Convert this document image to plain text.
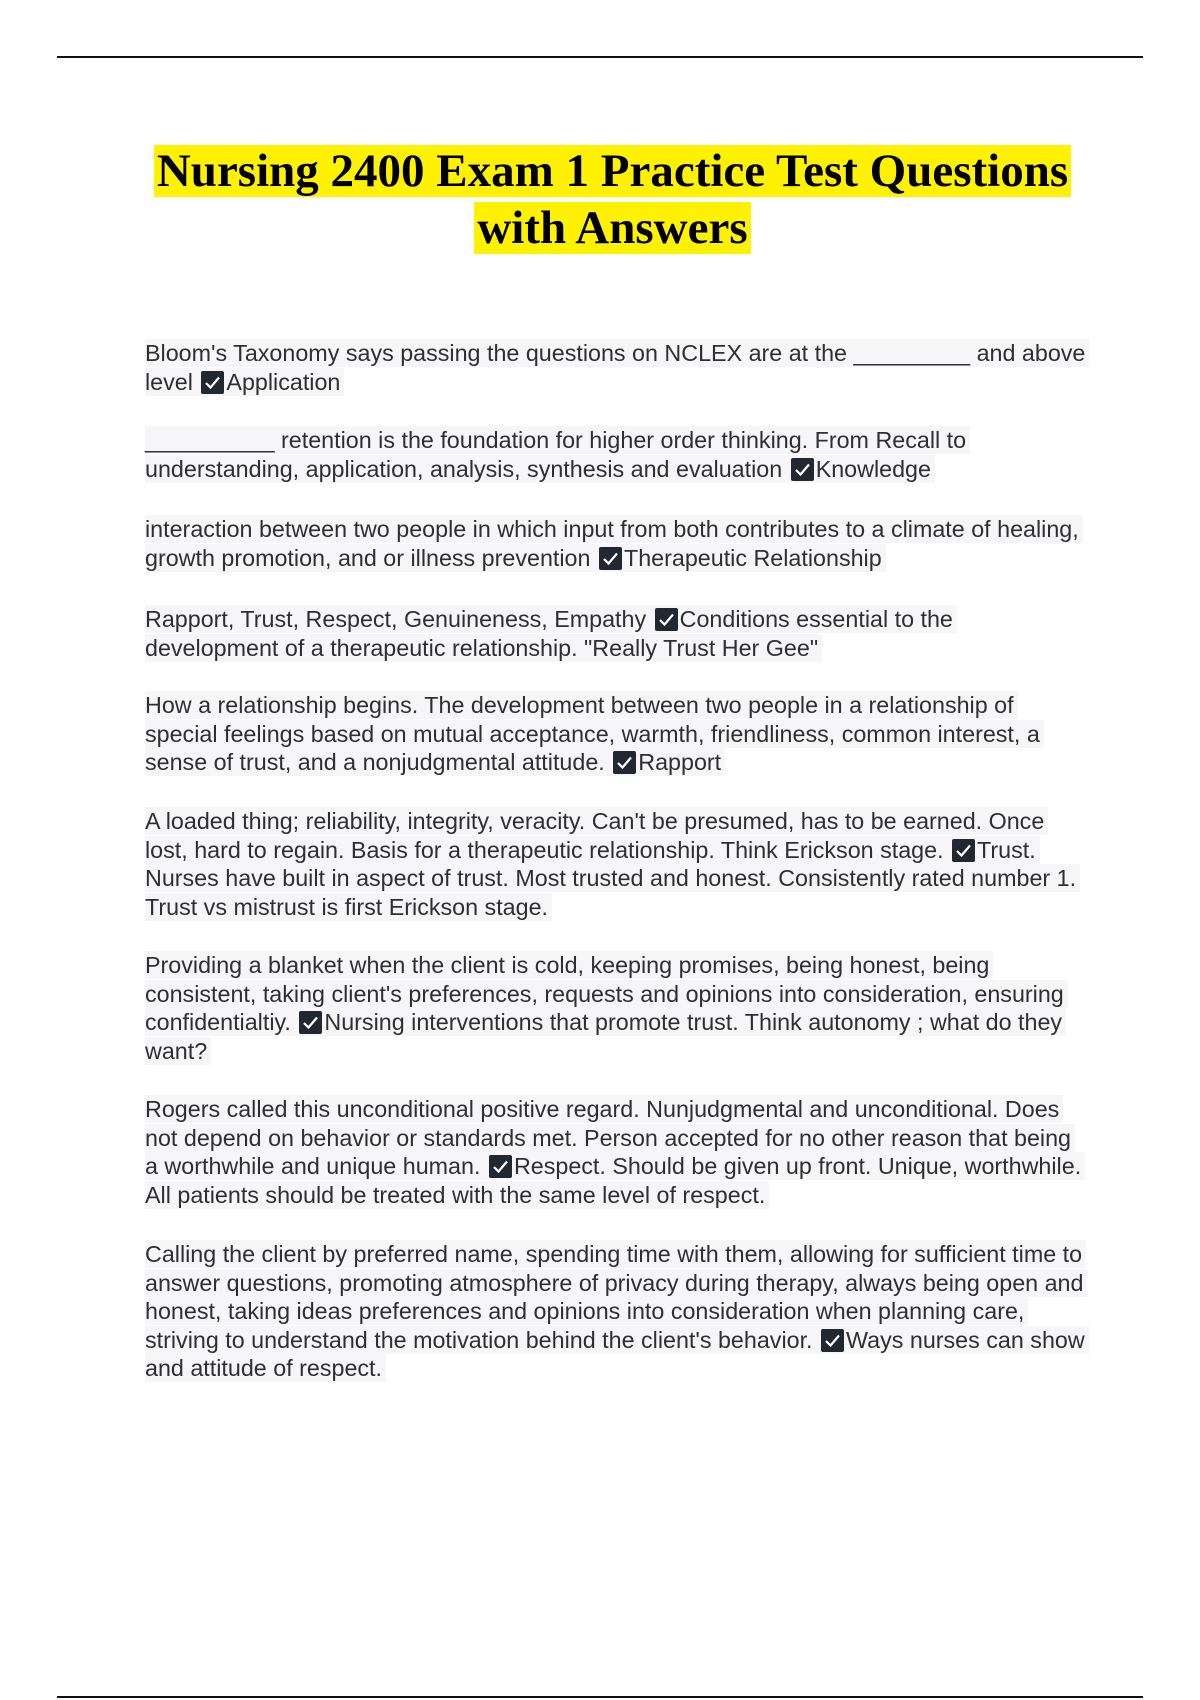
Nursing 2400 Exam 1 Practice Test Questions
with Answers
Bloom's Taxonomy says passing the questions on NCLEX are at the _________ and above level Application
__________ retention is the foundation for higher order thinking. From Recall to understanding, application, analysis, synthesis and evaluation Knowledge
interaction between two people in which input from both contributes to a climate of healing, growth promotion, and or illness prevention Therapeutic Relationship
Rapport, Trust, Respect, Genuineness, Empathy Conditions essential to the development of a therapeutic relationship. "Really Trust Her Gee"
How a relationship begins. The development between two people in a relationship of special feelings based on mutual acceptance, warmth, friendliness, common interest, a sense of trust, and a nonjudgmental attitude. Rapport
A loaded thing; reliability, integrity, veracity. Can't be presumed, has to be earned. Once lost, hard to regain. Basis for a therapeutic relationship. Think Erickson stage. Trust. Nurses have built in aspect of trust. Most trusted and honest. Consistently rated number 1. Trust vs mistrust is first Erickson stage.
Providing a blanket when the client is cold, keeping promises, being honest, being consistent, taking client's preferences, requests and opinions into consideration, ensuring confidentialtiy. Nursing interventions that promote trust. Think autonomy ; what do they want?
Rogers called this unconditional positive regard. Nunjudgmental and unconditional. Does not depend on behavior or standards met. Person accepted for no other reason that being a worthwhile and unique human. Respect. Should be given up front. Unique, worthwhile. All patients should be treated with the same level of respect.
Calling the client by preferred name, spending time with them, allowing for sufficient time to answer questions, promoting atmosphere of privacy during therapy, always being open and honest, taking ideas preferences and opinions into consideration when planning care, striving to understand the motivation behind the client's behavior. Ways nurses can show and attitude of respect.
